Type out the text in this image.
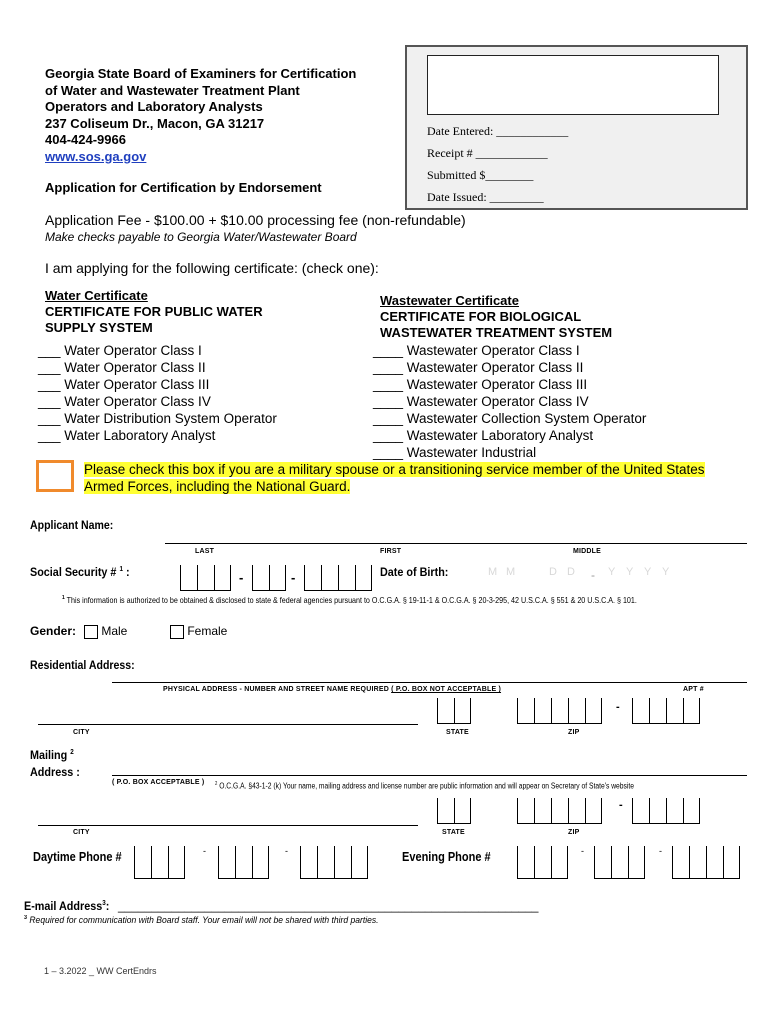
Georgia State Board of Examiners for Certification
of Water and Wastewater Treatment Plant
Operators and Laboratory Analysts
237 Coliseum Dr., Macon, GA 31217
404-424-9966
www.sos.ga.gov
Application for Certification by Endorsement
Date Entered: ____________
Receipt # ____________
Submitted $________
Date Issued: _________
Application Fee - $100.00 + $10.00 processing fee (non-refundable)
Make checks payable to Georgia Water/Wastewater Board
I am applying for the following certificate: (check one):
Water Certificate
CERTIFICATE FOR PUBLIC WATER
SUPPLY SYSTEM
___ Water Operator Class I
___ Water Operator Class II
___ Water Operator Class III
___ Water Operator Class IV
___ Water Distribution System Operator
___ Water Laboratory Analyst
Wastewater Certificate
CERTIFICATE FOR BIOLOGICAL
WASTEWATER TREATMENT SYSTEM
____ Wastewater Operator Class I
____ Wastewater Operator Class II
____ Wastewater Operator Class III
____ Wastewater Operator Class IV
____ Wastewater Collection System Operator
____ Wastewater Laboratory Analyst
____ Wastewater Industrial
Please check this box if you are a military spouse or a transitioning service member of the United States
Armed Forces, including the National Guard.
Applicant Name:
LAST	FIRST	MIDDLE
Social Security # $^1$ :	-	-	Date of Birth:	M M	D D - Y Y Y Y
$^1$ This information is authorized to be obtained & disclosed to state & federal agencies pursuant to O.C.G.A. § 19-11-1 & O.C.G.A. § 20-3-295, 42 U.S.C.A. § 551 & 20 U.S.C.A. § 101.
Gender:	Male	Female
Residential Address:
PHYSICAL ADDRESS - NUMBER AND STREET NAME REQUIRED ( P.O. BOX NOT ACCEPTABLE )	APT #
CITY	STATE	ZIP
-
Mailing $^2$
Address :
( P.O. BOX ACCEPTABLE ) $^2$ O.C.G.A. §43-1-2 (k) Your name, mailing address and license number are public information and will appear on Secretary of State's website
CITY	STATE	ZIP
-
Daytime Phone #	-	-	Evening Phone #	-	-
E-mail Address$^3$: _______________________________________________________________
$^3$ Required for communication with Board staff. Your email will not be shared with third parties.
1 – 3.2022 _ WW CertEndrs
